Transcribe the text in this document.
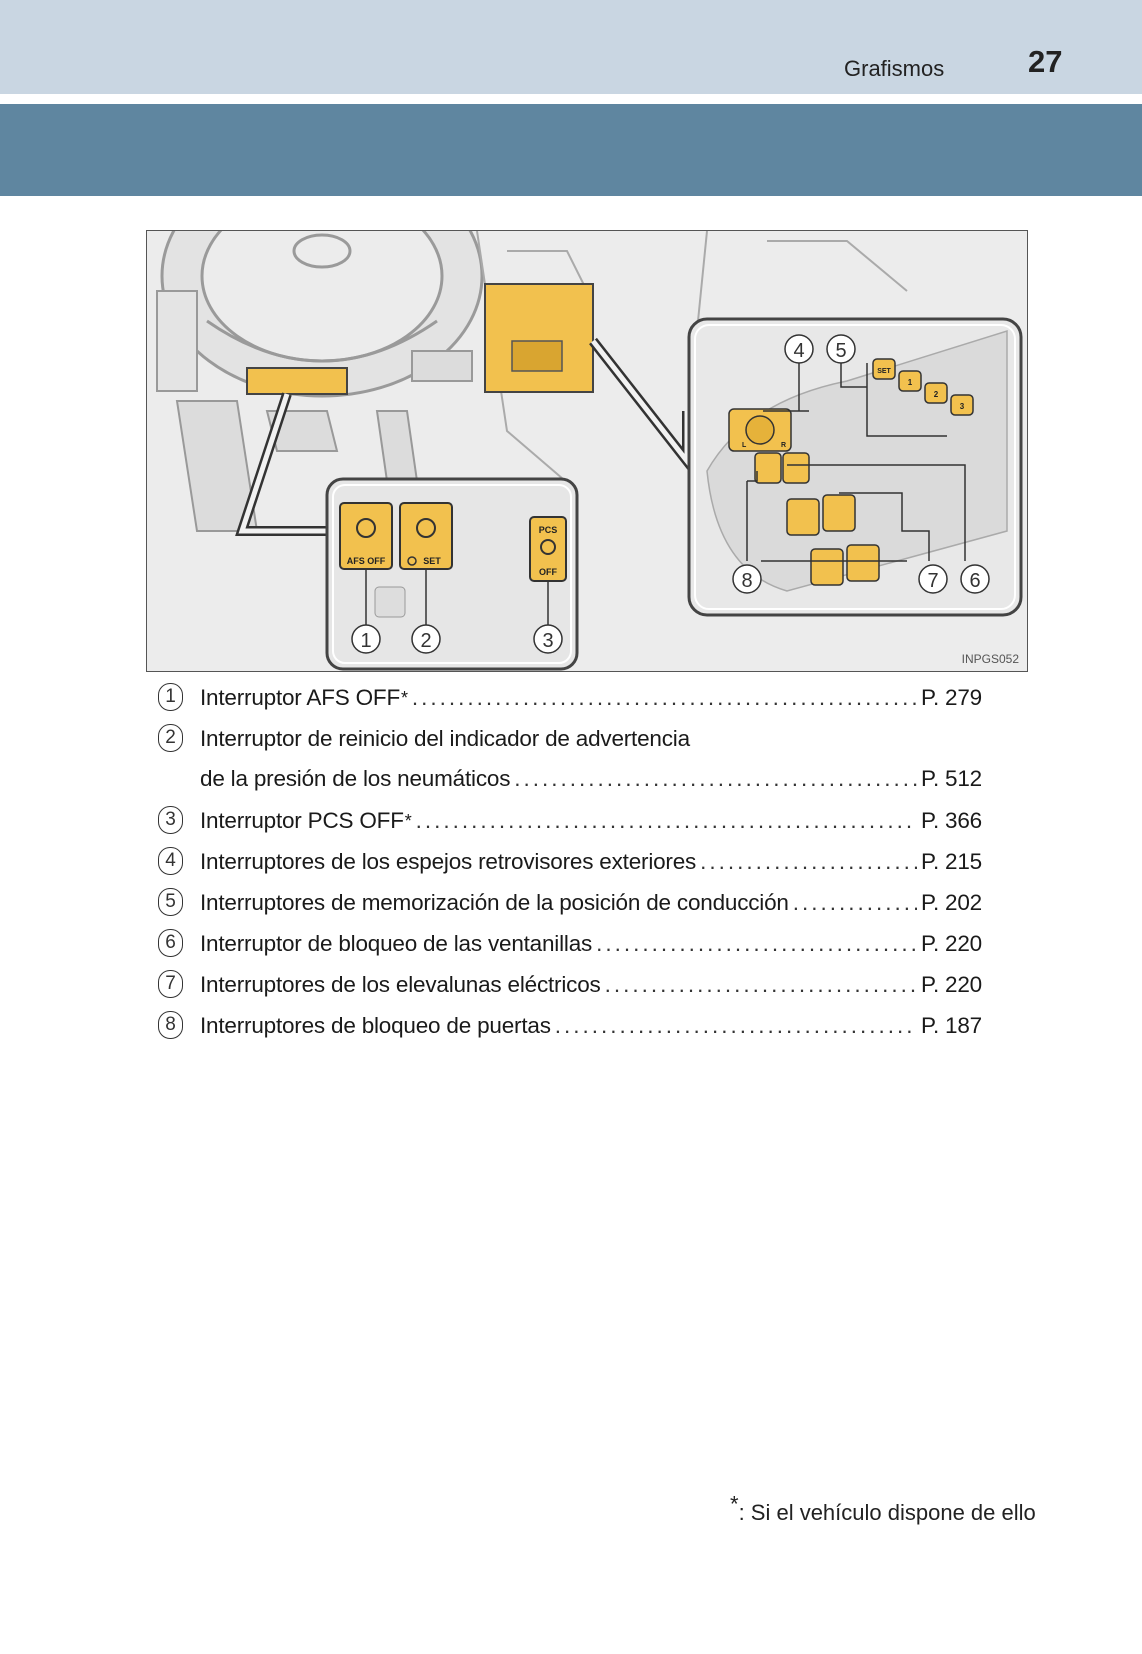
Grafismos	27
AFS OFF	SET
PCS
OFF
1 2	3
SET
1
2
3
L	R
4 5
6
7
8
INPGS052
1	Interruptor AFS OFF * .....	P. 279
2	Interruptor de reinicio del indicador de advertencia
de la presión de los neumáticos .....	P. 512
3	Interruptor PCS OFF * .....	P. 366
4	Interruptores de los espejos retrovisores exteriores .....	P. 215
5	Interruptores de memorización de la posición de conducción .....	P. 202
6	Interruptor de bloqueo de las ventanillas .....	P. 220
7	Interruptores de los elevalunas eléctricos .....	P. 220
8	Interruptores de bloqueo de puertas .....	P. 187
*: Si el vehículo dispone de ello
